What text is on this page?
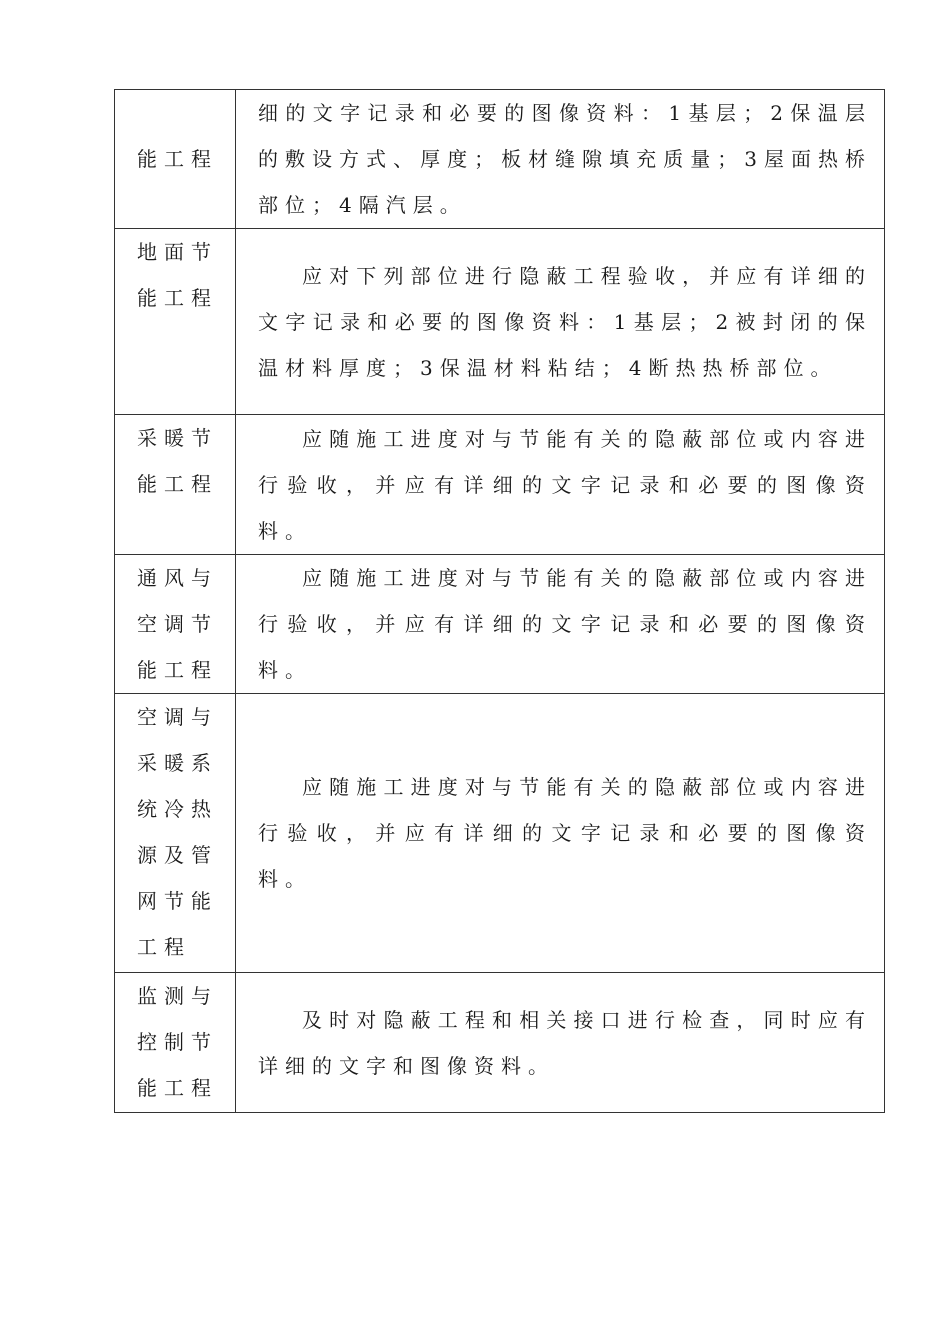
能工程	细的文字记录和必要的图像资料：1基层；2保温层的敷设方式、厚度；板材缝隙填充质量；3屋面热桥部位；4隔汽层。

地面节能工程	应对下列部位进行隐蔽工程验收，并应有详细的文字记录和必要的图像资料：1基层；2被封闭的保温材料厚度；3保温材料粘结；4断热热桥部位。

采暖节能工程	应随施工进度对与节能有关的隐蔽部位或内容进行验收，并应有详细的文字记录和必要的图像资料。

通风与空调节能工程	应随施工进度对与节能有关的隐蔽部位或内容进行验收，并应有详细的文字记录和必要的图像资料。

空调与采暖系统冷热源及管网节能工程	应随施工进度对与节能有关的隐蔽部位或内容进行验收，并应有详细的文字记录和必要的图像资料。

监测与控制节能工程	及时对隐蔽工程和相关接口进行检查，同时应有详细的文字和图像资料。
